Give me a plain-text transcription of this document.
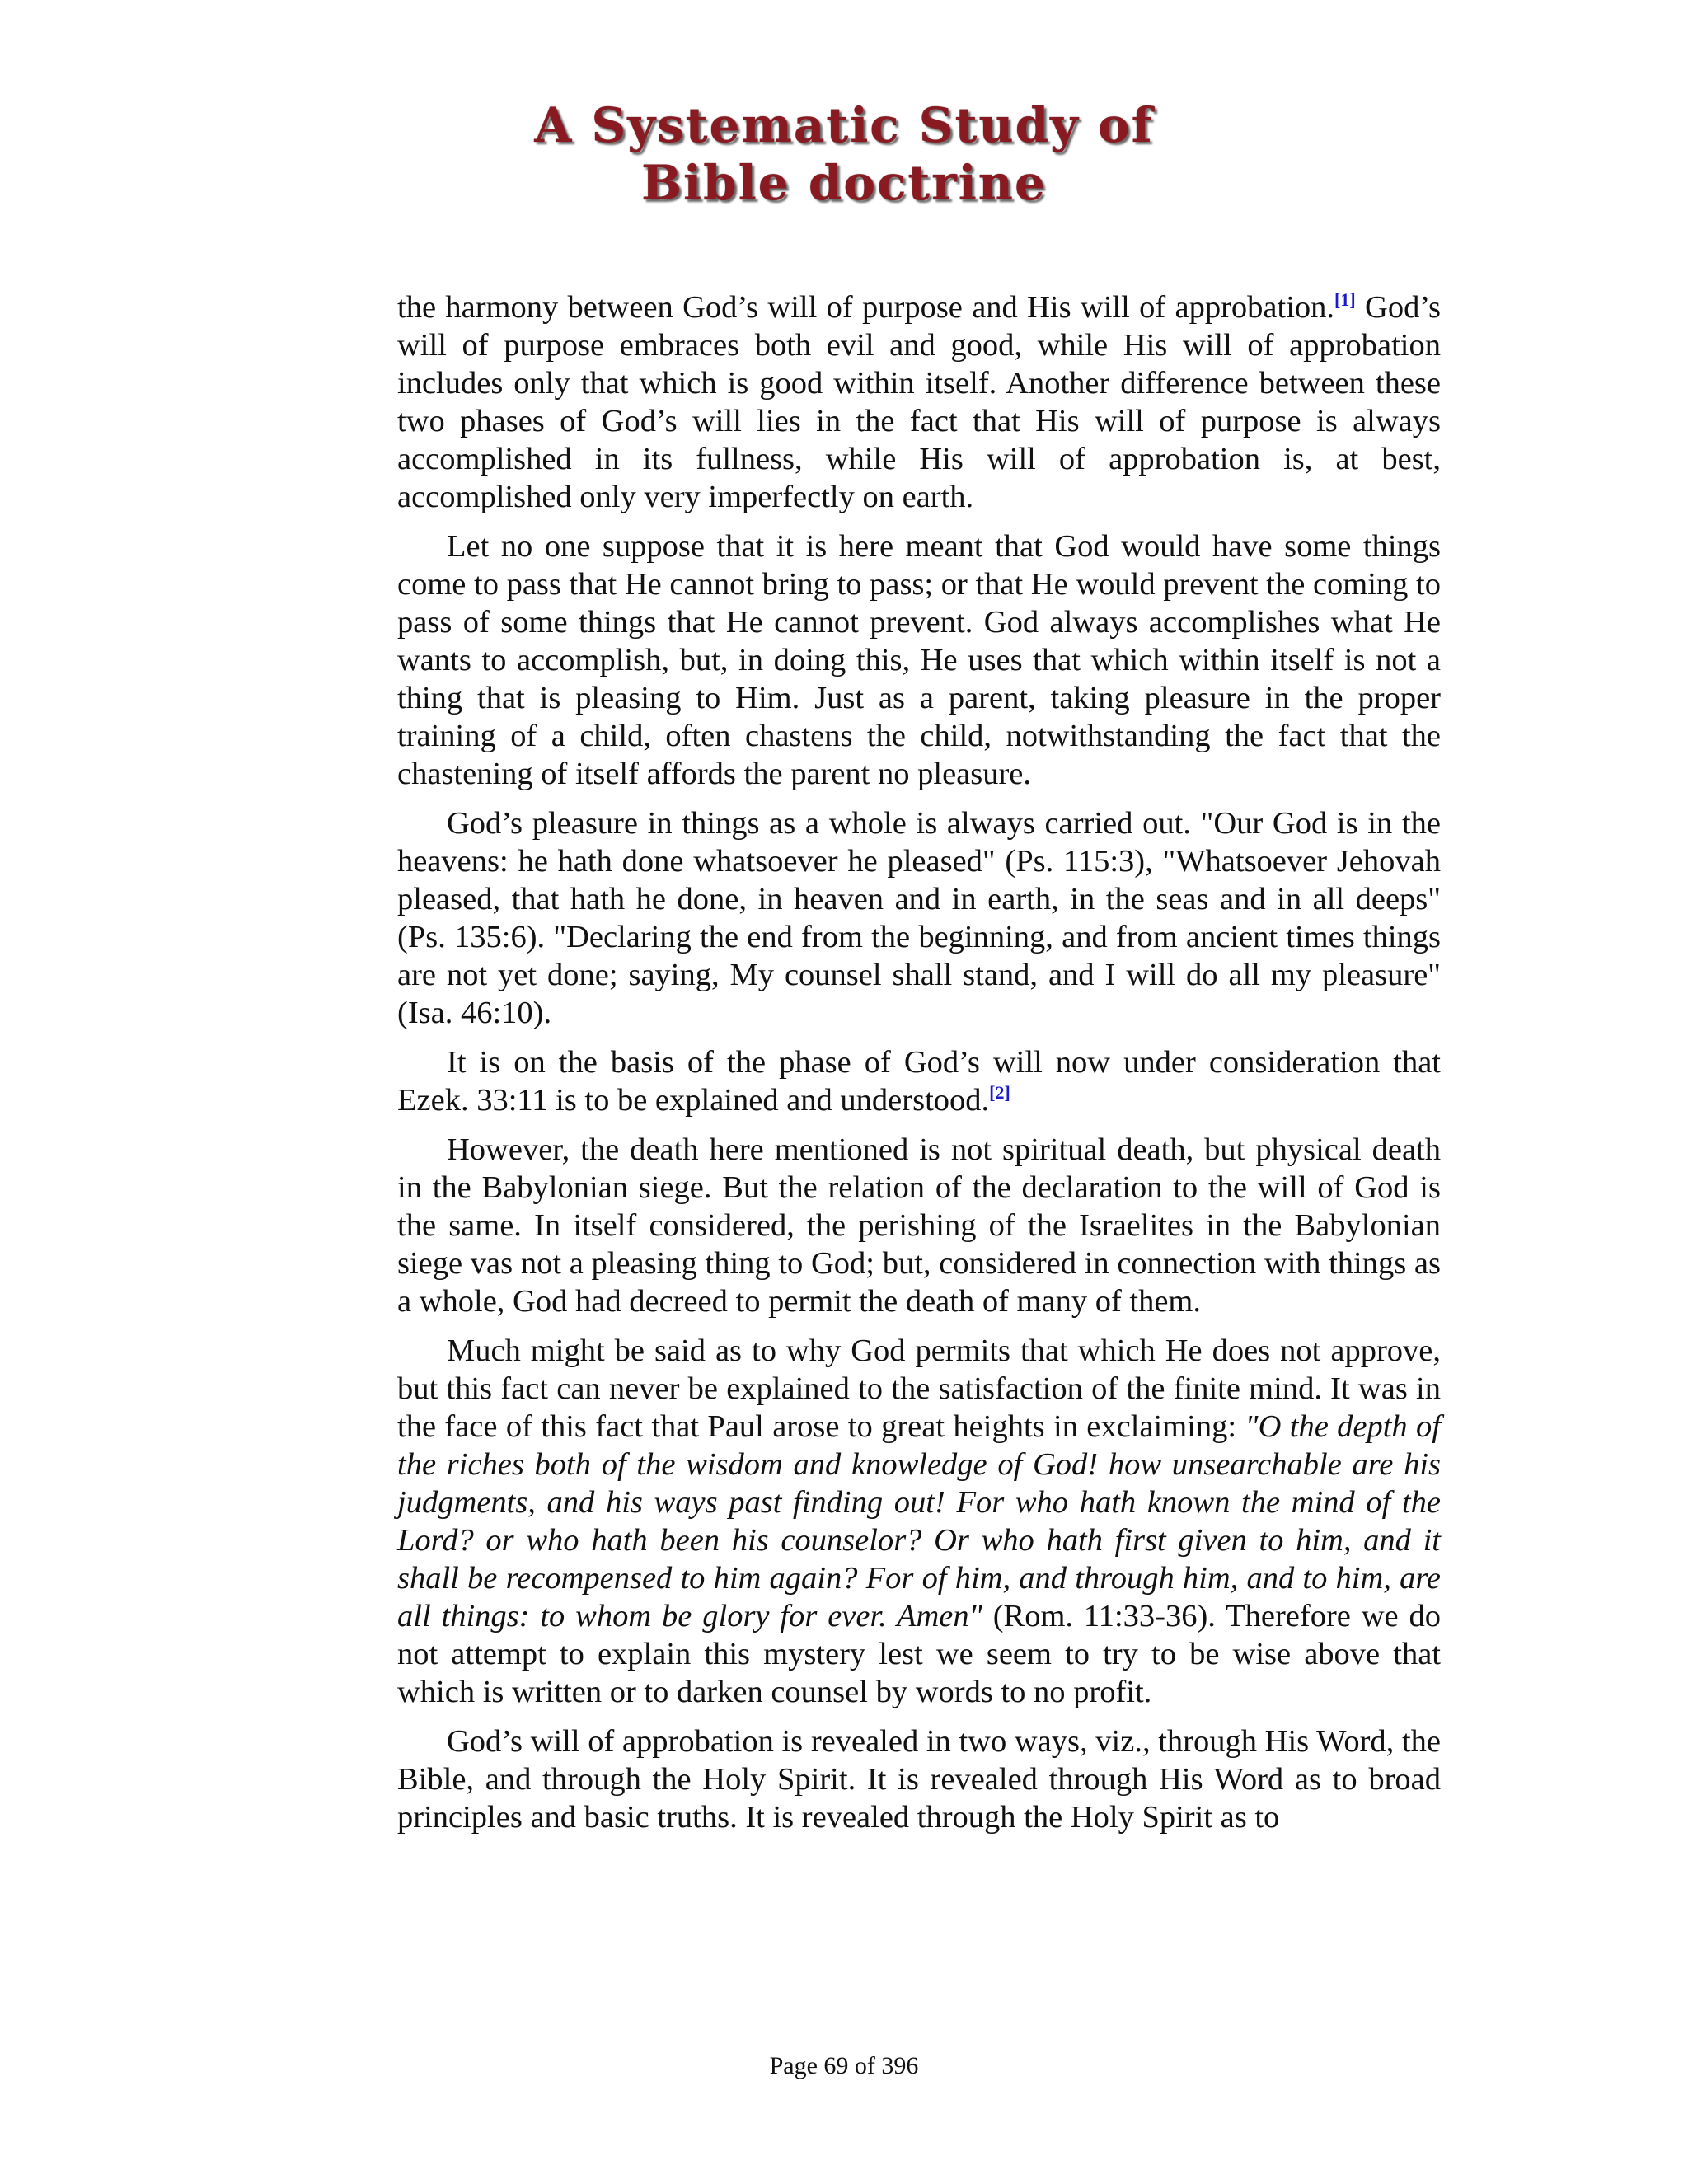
A Systematic Study of
Bible doctrine

the harmony between God’s will of purpose and His will of approbation.[1] God’s will of purpose embraces both evil and good, while His will of approbation includes only that which is good within itself. Another difference between these two phases of God’s will lies in the fact that His will of purpose is always accomplished in its fullness, while His will of approbation is, at best, accomplished only very imperfectly on earth.

Let no one suppose that it is here meant that God would have some things come to pass that He cannot bring to pass; or that He would prevent the coming to pass of some things that He cannot prevent. God always accomplishes what He wants to accomplish, but, in doing this, He uses that which within itself is not a thing that is pleasing to Him. Just as a parent, taking pleasure in the proper training of a child, often chastens the child, notwithstanding the fact that the chastening of itself affords the parent no pleasure.

God’s pleasure in things as a whole is always carried out. "Our God is in the heavens: he hath done whatsoever he pleased" (Ps. 115:3), "Whatsoever Jehovah pleased, that hath he done, in heaven and in earth, in the seas and in all deeps" (Ps. 135:6). "Declaring the end from the beginning, and from ancient times things are not yet done; saying, My counsel shall stand, and I will do all my pleasure" (Isa. 46:10).

It is on the basis of the phase of God’s will now under consideration that Ezek. 33:11 is to be explained and understood.[2]

However, the death here mentioned is not spiritual death, but physical death in the Babylonian siege. But the relation of the declaration to the will of God is the same. In itself considered, the perishing of the Israelites in the Babylonian siege vas not a pleasing thing to God; but, considered in connection with things as a whole, God had decreed to permit the death of many of them.

Much might be said as to why God permits that which He does not approve, but this fact can never be explained to the satisfaction of the finite mind. It was in the face of this fact that Paul arose to great heights in exclaiming: "O the depth of the riches both of the wisdom and knowledge of God! how unsearchable are his judgments, and his ways past finding out! For who hath known the mind of the Lord? or who hath been his counselor? Or who hath first given to him, and it shall be recompensed to him again? For of him, and through him, and to him, are all things: to whom be glory for ever. Amen" (Rom. 11:33-36). Therefore we do not attempt to explain this mystery lest we seem to try to be wise above that which is written or to darken counsel by words to no profit.

God’s will of approbation is revealed in two ways, viz., through His Word, the Bible, and through the Holy Spirit. It is revealed through His Word as to broad principles and basic truths. It is revealed through the Holy Spirit as to

Page 69 of 396
